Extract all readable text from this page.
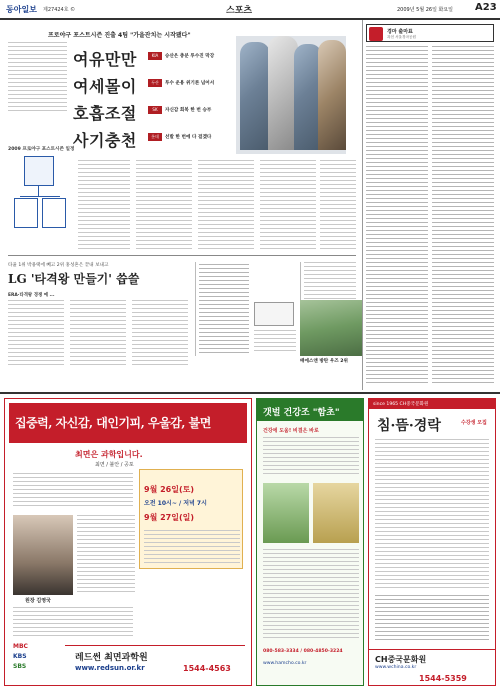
동아일보 제27424호 ©	스포츠	2009년 5월 26일 화요일 A23
프로야구 포스트시즌 진출 4팀 "가을잔치는 시작됐다"
여유만만
여세몰이
호흡조절
사기충천
KIA	승산은 충분 투수진 막강
두산	투수 운용 위기론 넘어서
SK	자신감 회복 한 번 승부
롯데	선발 한 번에 다 걸겠다
2009 프로야구 포스트시즌 일정
타율 1위 박용택에 빼고 2위 홍성흔은 끝내 보내고
LG '타격왕 만들기' 씁쓸
ERA·타격왕 경쟁 예 ...
경마 출마표
과천 서울경마공원
집중력, 자신감, 대인기피, 우울감, 불면
최면은 과학입니다.
최면 / 불안 / 공포
9월 26일(토)
오전 10시~ / 저녁 7시
9월 27일(일)
원장 김영국
MBC
KBS
SBS
레드썬 최면과학원
www.redsun.or.kr	1544-4563
갯벌 건강조 "함초"
건강에 도움! 비결은 바로
080-583-3334 / 080-4850-3224
www.hamcho.co.kr
since 1965 CH중국문화원
침·뜸·경락	수강생 모집
CH중국문화원
www.wchina.co.kr
1544-5359
배에스앤 방탄 우즈 2위
